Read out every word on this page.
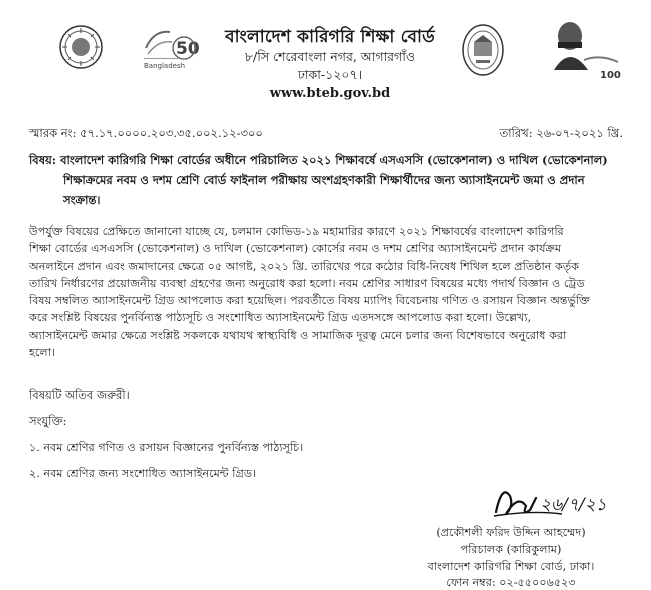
Bangladesh
50
বাংলাদেশ কারিগরি শিক্ষা বোর্ড
৮/সি শেরেবাংলা নগর, আগারগাঁও
ঢাকা-১২০৭।
www.bteb.gov.bd
100
স্মারক নং: ৫৭.১৭.০০০০.২০৩.৩৫.০০২.১২-৩০০	তারিখ: ২৬-০৭-২০২১ খ্রি.
বিষয়: বাংলাদেশ কারিগরি শিক্ষা বোর্ডের অধীনে পরিচালিত ২০২১ শিক্ষাবর্ষে এসএসসি (ভোকেশনাল) ও দাখিল (ভোকেশনাল)
শিক্ষাক্রমের নবম ও দশম শ্রেণি বোর্ড ফাইনাল পরীক্ষায় অংশগ্রহণকারী শিক্ষার্থীদের জন্য অ্যাসাইনমেন্ট জমা ও প্রদান
সংক্রান্ত।
উপর্যুক্ত বিষয়ের প্রেক্ষিতে জানানো যাচ্ছে যে, চলমান কোভিড-১৯ মহামারির কারণে ২০২১ শিক্ষাবর্ষের বাংলাদেশ কারিগরি
শিক্ষা বোর্ডের এসএসসি (ভোকেশনাল) ও দাখিল (ভোকেশনাল) কোর্সের নবম ও দশম শ্রেণির অ্যাসাইনমেন্ট প্রদান কার্যক্রম
অনলাইনে প্রদান এবং জমাদানের ক্ষেত্রে ০৫ আগষ্ট, ২০২১ খ্রি. তারিখের পরে কঠোর বিধি-নিষেধ শিথিল হলে প্রতিষ্ঠান কর্তৃক
তারিখ নির্ধারণের প্রয়োজনীয় ব্যবস্থা গ্রহণের জন্য অনুরোধ করা হলো। নবম শ্রেণির সাধারণ বিষয়ের মধ্যে পদার্থ বিজ্ঞান ও ট্রেড
বিষয় সম্বলিত অ্যাসাইনমেন্ট গ্রিড আপলোড করা হয়েছিল। পরবর্তীতে বিষয় ম্যাপিং বিবেচনায় গণিত ও রসায়ন বিজ্ঞান অন্তর্ভুক্তি
করে সংশ্লিষ্ট বিষয়ের পুনর্বিন্যস্ত পাঠ্যসূচি ও সংশোধিত অ্যাসাইনমেন্ট গ্রিড এতদসঙ্গে আপলোড করা হলো। উল্লেখ্য,
অ্যাসাইনমেন্ট জমার ক্ষেত্রে সংশ্লিষ্ট সকলকে যথাযথ স্বাস্থ্যবিধি ও সামাজিক দূরত্ব মেনে চলার জন্য বিশেষভাবে অনুরোধ করা
হলো।
বিষয়টি অতিব জরুরী।
সংযুক্তি:
১. নবম শ্রেণির গণিত ও রসায়ন বিজ্ঞানের পুনর্বিন্যস্ত পাঠ্যসূচি।
২. নবম শ্রেণির জন্য সংশোধিত অ্যাসাইনমেন্ট গ্রিড।
২৬/৭/২১
(প্রকৌশলী ফরিদ উদ্দিন আহম্মেদ)
পরিচালক (কারিকুলাম)
বাংলাদেশ কারিগরি শিক্ষা বোর্ড, ঢাকা।
ফোন নম্বর: ০২-৫৫০০৬৫২৩
